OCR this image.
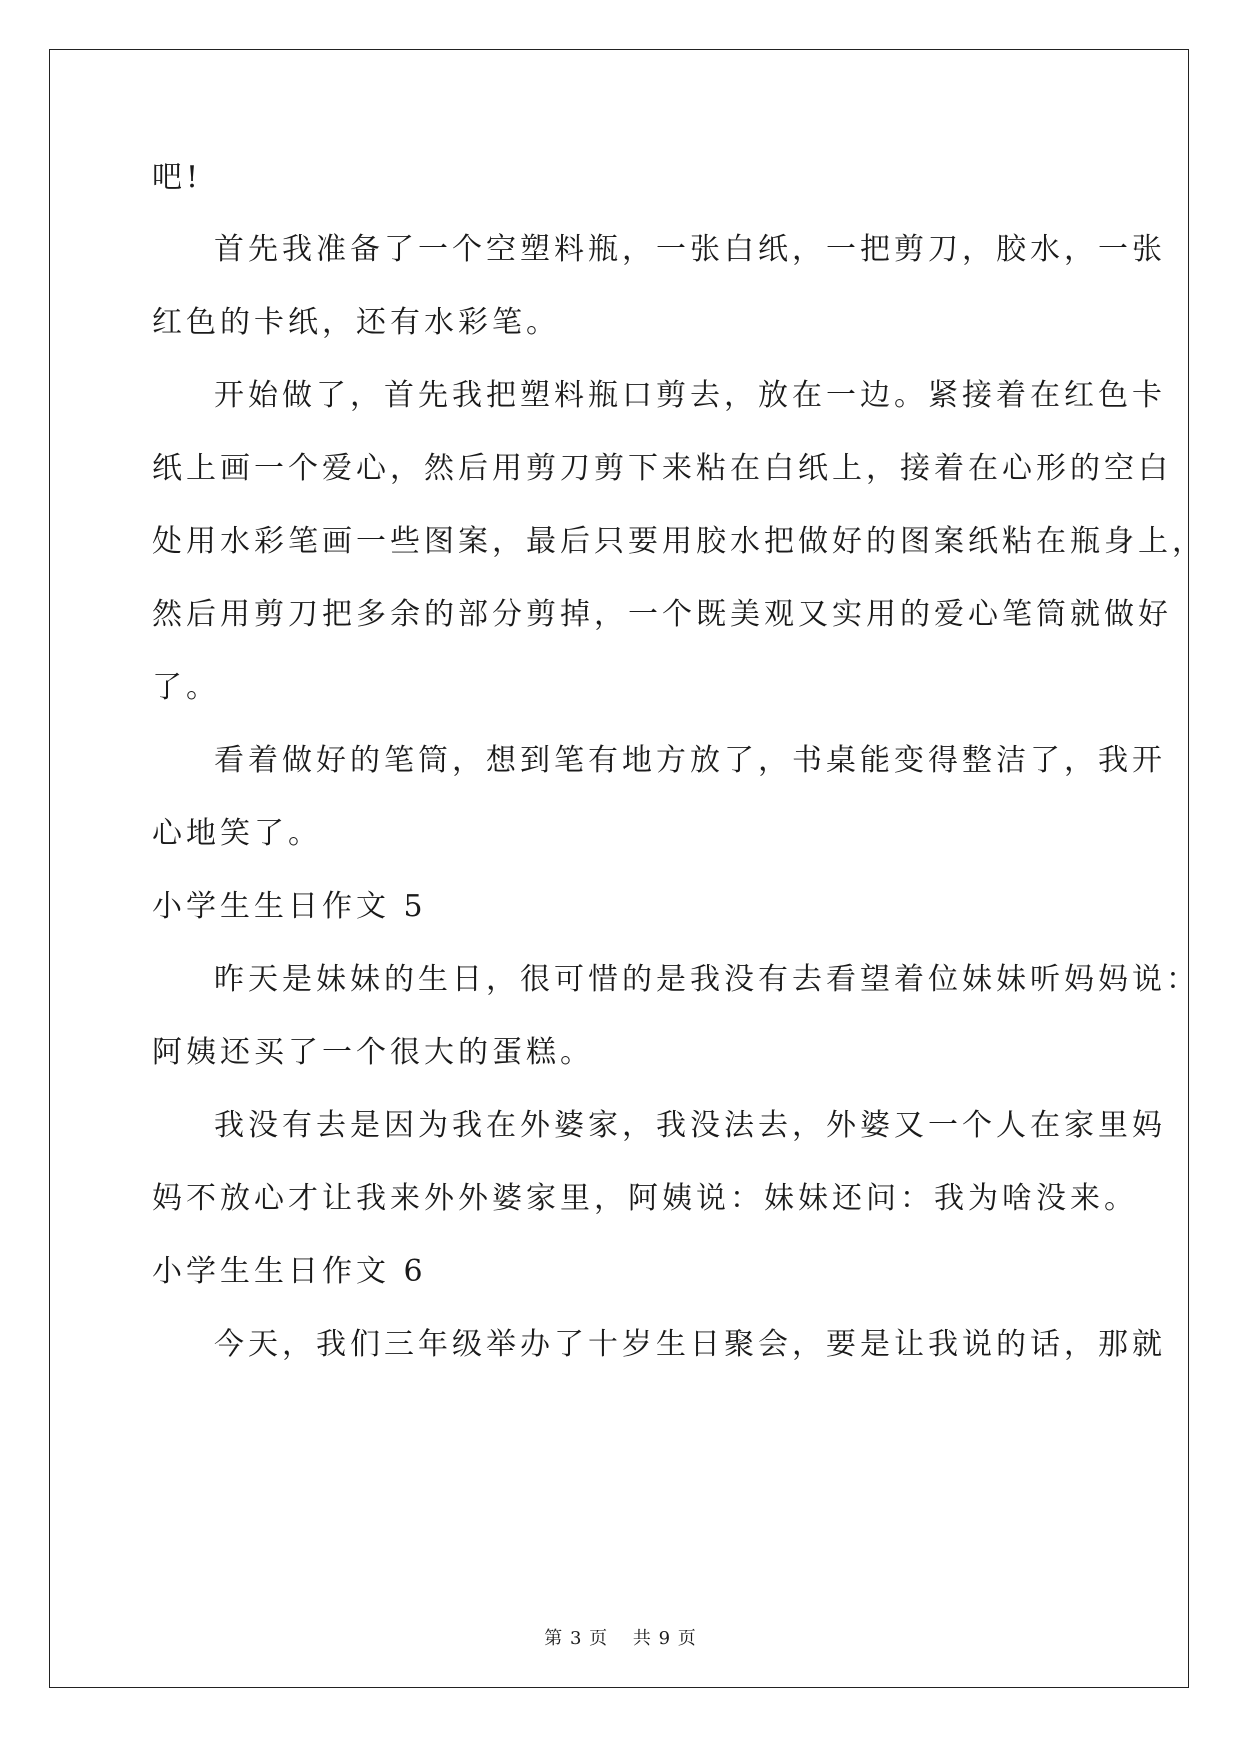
吧!
首先我准备了一个空塑料瓶，一张白纸，一把剪刀，胶水，一张
红色的卡纸，还有水彩笔。
开始做了，首先我把塑料瓶口剪去，放在一边。紧接着在红色卡
纸上画一个爱心，然后用剪刀剪下来粘在白纸上，接着在心形的空白
处用水彩笔画一些图案，最后只要用胶水把做好的图案纸粘在瓶身上，
然后用剪刀把多余的部分剪掉，一个既美观又实用的爱心笔筒就做好
了。
看着做好的笔筒，想到笔有地方放了，书桌能变得整洁了，我开
心地笑了。
小学生生日作文 5
昨天是妹妹的生日，很可惜的是我没有去看望着位妹妹听妈妈说：
阿姨还买了一个很大的蛋糕。
我没有去是因为我在外婆家，我没法去，外婆又一个人在家里妈
妈不放心才让我来外外婆家里，阿姨说：妹妹还问：我为啥没来。
小学生生日作文 6
今天，我们三年级举办了十岁生日聚会，要是让我说的话，那就
第 3 页 共 9 页
